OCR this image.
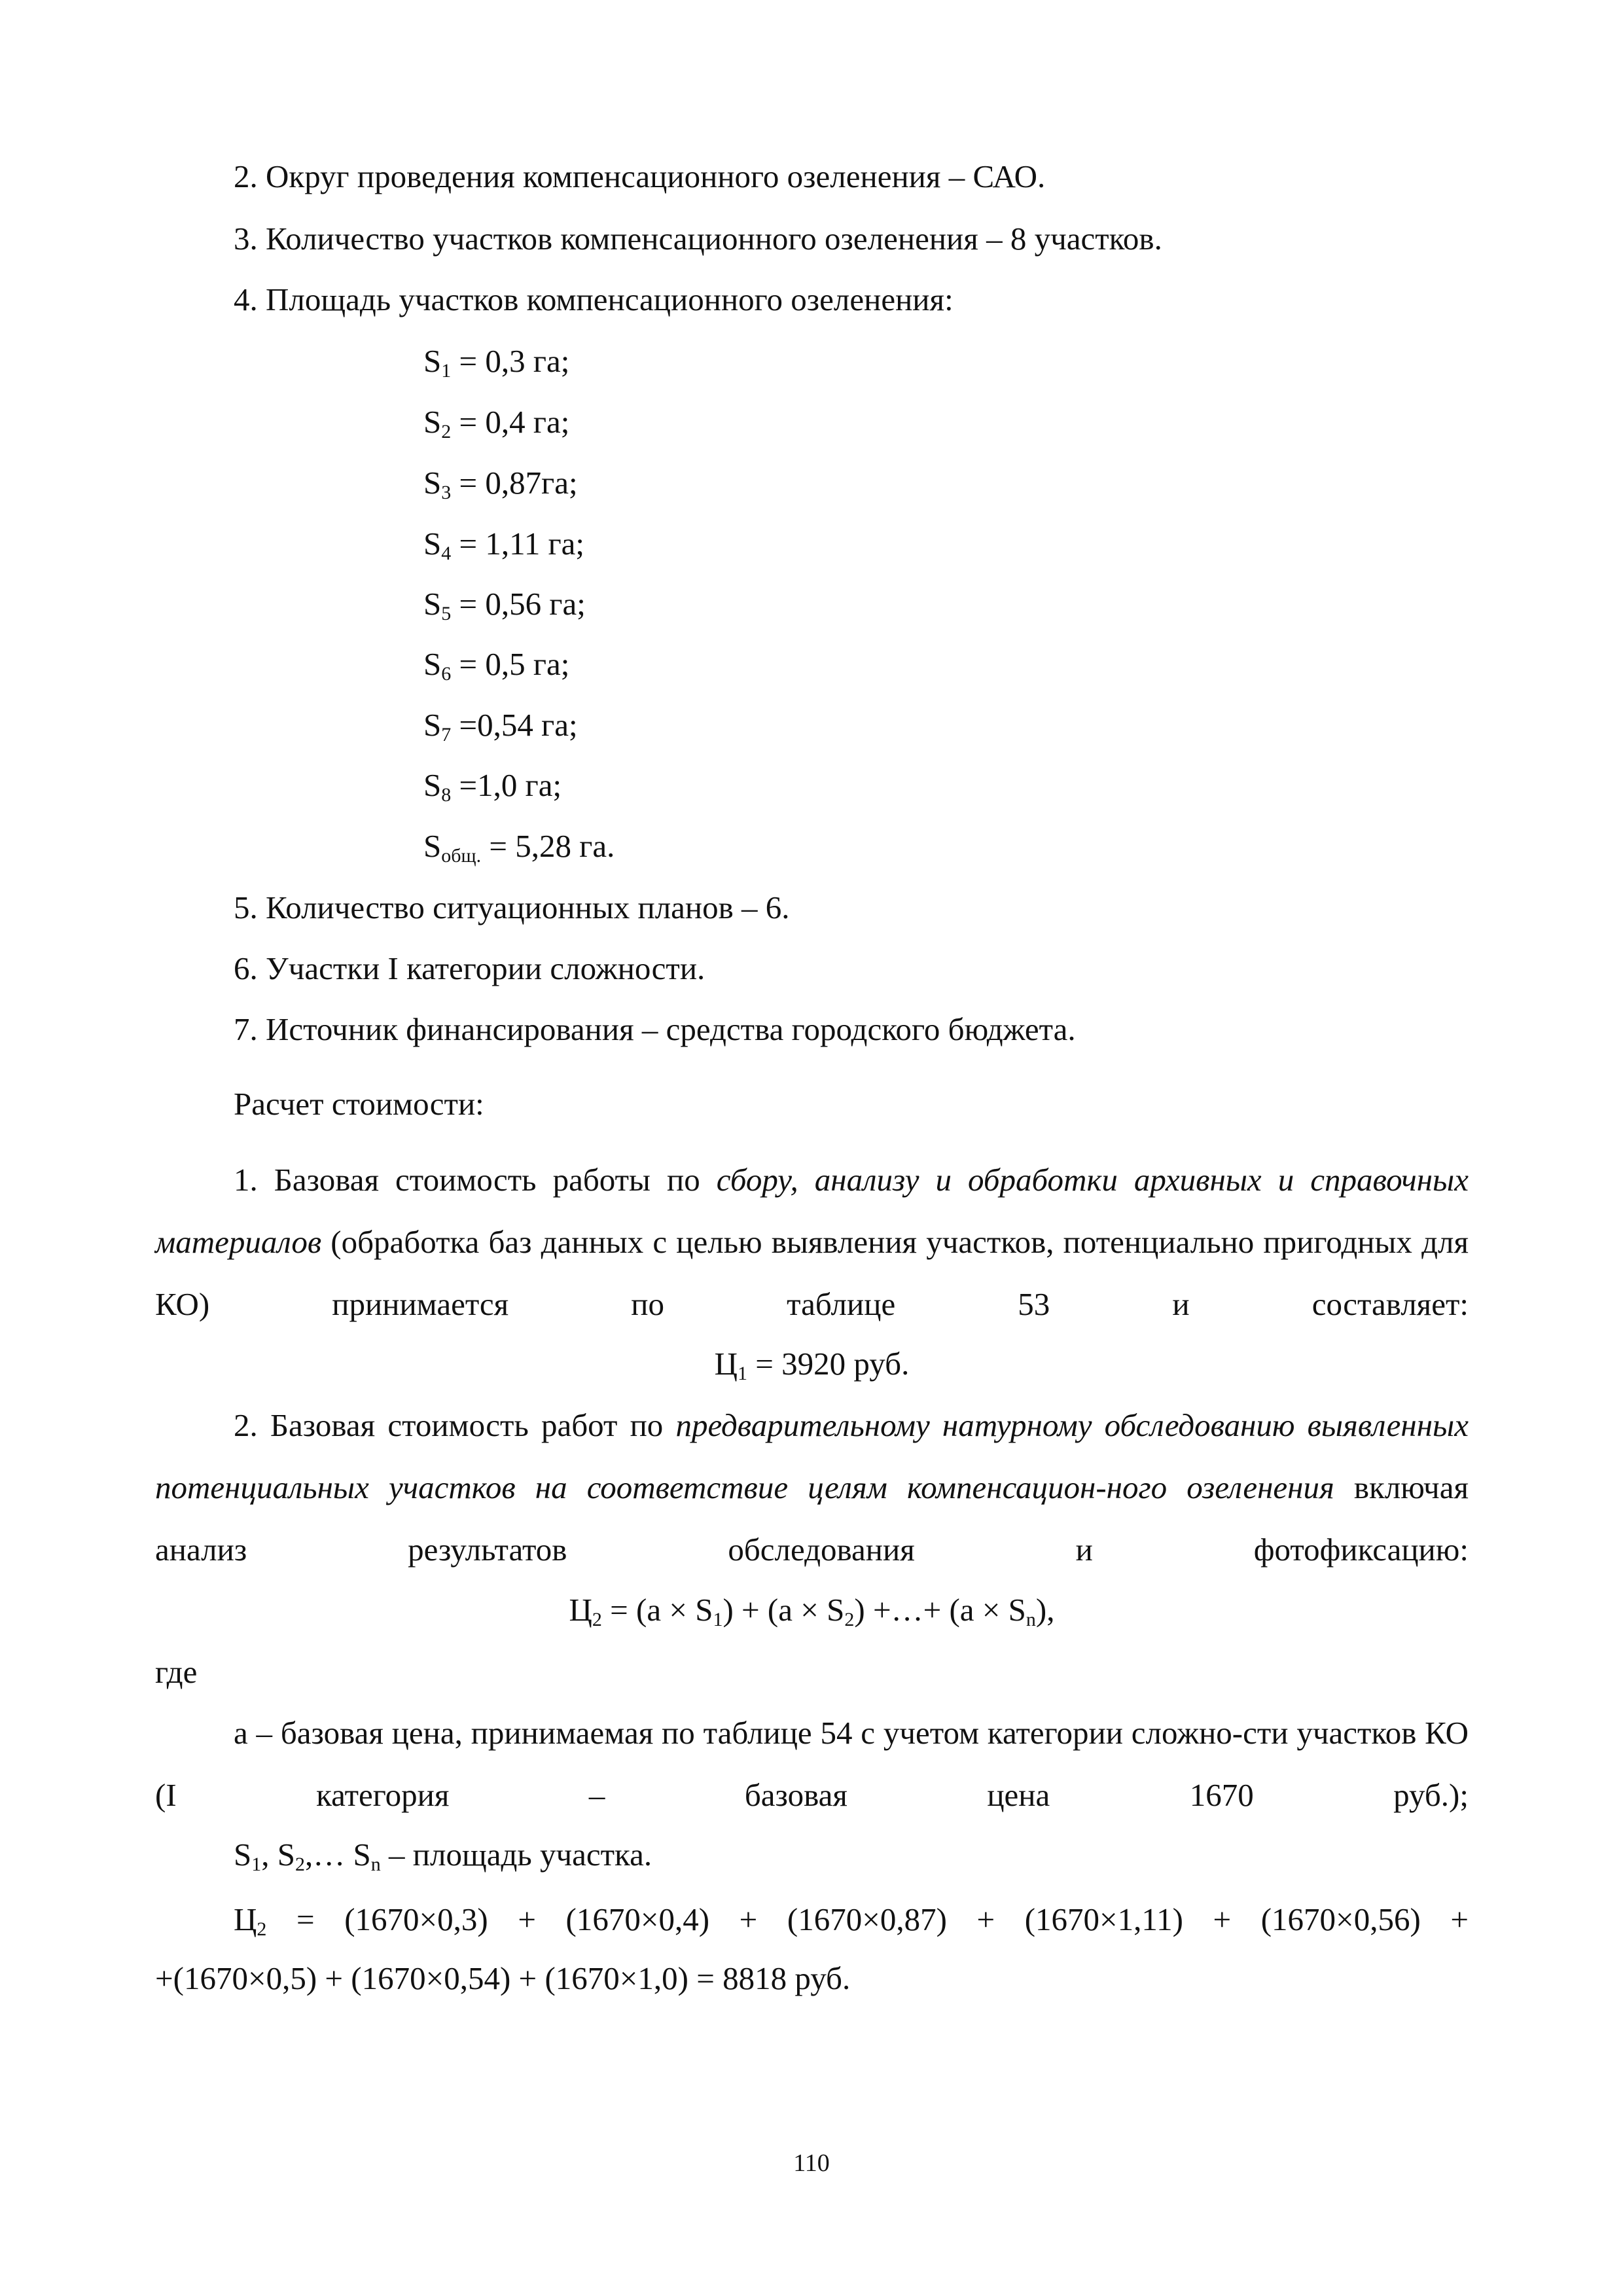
2. Округ проведения компенсационного озеленения – САО.
3. Количество участков компенсационного озеленения – 8 участков.
4. Площадь участков компенсационного озеленения:
$S_1 = 0,3$ га;
$S_2 = 0,4$ га;
$S_3 = 0,87га$;
$S_4 = 1,11$ га;
$S_5 = 0,56$ га;
$S_6 = 0,5$ га;
$S_7 =0,54$ га;
$S_8 =1,0$ га;
$S_{общ.} = 5,28$ га.
5. Количество ситуационных планов – 6.
6. Участки I категории сложности.
7. Источник финансирования – средства городского бюджета.
Расчет стоимости:
1. Базовая стоимость работы по сбору, анализу и обработки архивных и справочных материалов (обработка баз данных с целью выявления участков, потенциально пригодных для КО) принимается по таблице 53 и составляет:
$Ц_1 = 3920$ руб.
2. Базовая стоимость работ по предварительному натурному обследованию выявленных потенциальных участков на соответствие целям компенсацион-ного озеленения включая анализ результатов обследования и фотофиксацию:
$Ц_2 = (a \times S_1) + (a \times S_2)$ +…+ $(a \times S_n)$,
где
а – базовая цена, принимаемая по таблице 54 с учетом категории сложно-сти участков КО (I категория – базовая цена 1670 руб.);
$S_1$, $S_2,\dots$ $S_n$ – площадь участка.
$Ц_2 = (1670\times 0,3) + (1670\times 0,4) + (1670\times 0,87) + (1670\times 1,11) + (1670\times 0,56)$ +
+(1670×0,5) + (1670×0,54) + (1670×1,0) = 8818 руб.
110
